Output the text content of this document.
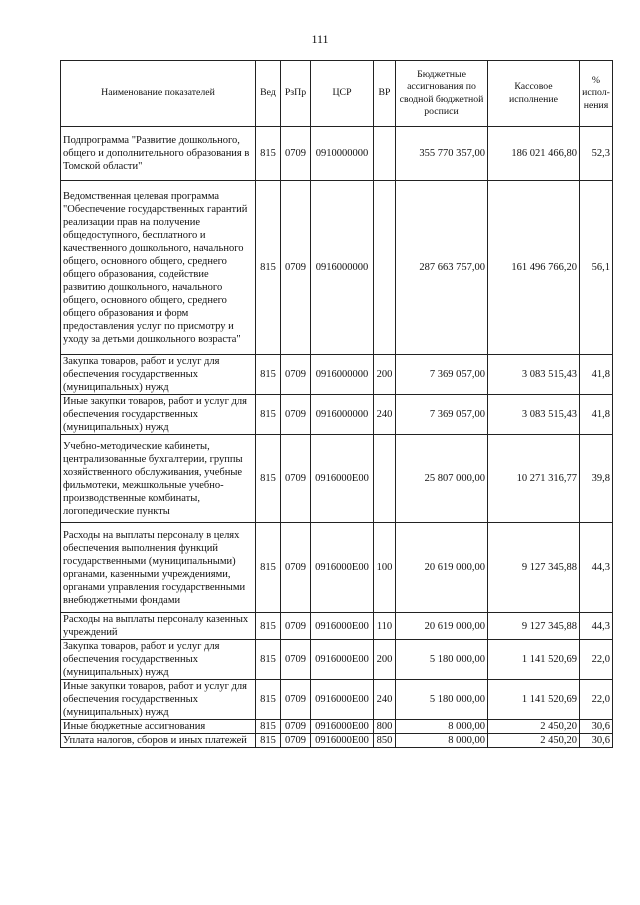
111
Наименование показателей	Вед	РзПр	ЦСР	ВР	Бюджетные ассигнования по сводной бюджетной росписи	Кассовое исполнение	% испол-нения
Подпрограмма "Развитие дошкольного, общего и дополнительного образования в Томской области"	815	0709	0910000000		355 770 357,00	186 021 466,80	52,3
Ведомственная целевая программа "Обеспечение государственных гарантий реализации прав на получение общедоступного, бесплатного и качественного дошкольного, начального общего, основного общего, среднего общего образования, содействие развитию дошкольного, начального общего, основного общего, среднего общего образования и форм предоставления услуг по присмотру и уходу за детьми дошкольного возраста"	815	0709	0916000000		287 663 757,00	161 496 766,20	56,1
Закупка товаров, работ и услуг для обеспечения государственных (муниципальных) нужд	815	0709	0916000000	200	7 369 057,00	3 083 515,43	41,8
Иные закупки товаров, работ и услуг для обеспечения государственных (муниципальных) нужд	815	0709	0916000000	240	7 369 057,00	3 083 515,43	41,8
Учебно-методические кабинеты, централизованные бухгалтерии, группы хозяйственного обслуживания, учебные фильмотеки, межшкольные учебно-производственные комбинаты, логопедические пункты	815	0709	0916000E00		25 807 000,00	10 271 316,77	39,8
Расходы на выплаты персоналу в целях обеспечения выполнения функций государственными (муниципальными) органами, казенными учреждениями, органами управления государственными внебюджетными фондами	815	0709	0916000E00	100	20 619 000,00	9 127 345,88	44,3
Расходы на выплаты персоналу казенных учреждений	815	0709	0916000E00	110	20 619 000,00	9 127 345,88	44,3
Закупка товаров, работ и услуг для обеспечения государственных (муниципальных) нужд	815	0709	0916000E00	200	5 180 000,00	1 141 520,69	22,0
Иные закупки товаров, работ и услуг для обеспечения государственных (муниципальных) нужд	815	0709	0916000E00	240	5 180 000,00	1 141 520,69	22,0
Иные бюджетные ассигнования	815	0709	0916000E00	800	8 000,00	2 450,20	30,6
Уплата налогов, сборов и иных платежей	815	0709	0916000E00	850	8 000,00	2 450,20	30,6
